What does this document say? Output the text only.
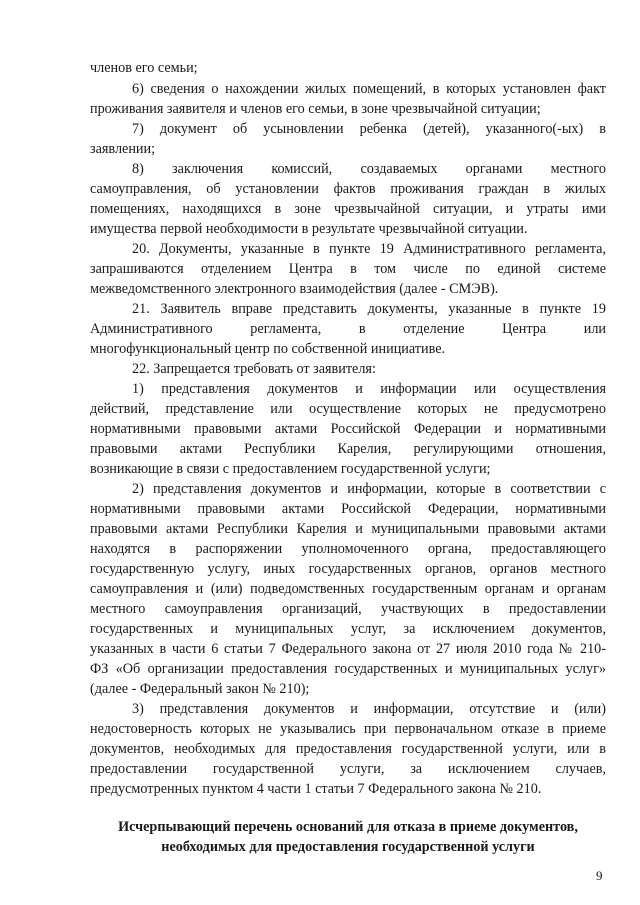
членов его семьи;
6) сведения о нахождении жилых помещений, в которых установлен факт
проживания заявителя и членов его семьи, в зоне чрезвычайной ситуации;
7) документ об усыновлении ребенка (детей), указанного(-ых) в
заявлении;
8) заключения комиссий, создаваемых органами местного
самоуправления, об установлении фактов проживания граждан в жилых
помещениях, находящихся в зоне чрезвычайной ситуации, и утраты ими
имущества первой необходимости в результате чрезвычайной ситуации.
20. Документы, указанные в пункте 19 Административного регламента,
запрашиваются отделением Центра в том числе по единой системе
межведомственного электронного взаимодействия (далее - СМЭВ).
21. Заявитель вправе представить документы, указанные в пункте 19
Административного регламента, в отделение Центра или
многофункциональный центр по собственной инициативе.
22. Запрещается требовать от заявителя:
1) представления документов и информации или осуществления
действий, представление или осуществление которых не предусмотрено
нормативными правовыми актами Российской Федерации и нормативными
правовыми актами Республики Карелия, регулирующими отношения,
возникающие в связи с предоставлением государственной услуги;
2) представления документов и информации, которые в соответствии с
нормативными правовыми актами Российской Федерации, нормативными
правовыми актами Республики Карелия и муниципальными правовыми актами
находятся в распоряжении уполномоченного органа, предоставляющего
государственную услугу, иных государственных органов, органов местного
самоуправления и (или) подведомственных государственным органам и органам
местного самоуправления организаций, участвующих в предоставлении
государственных и муниципальных услуг, за исключением документов,
указанных в части 6 статьи 7 Федерального закона от 27 июля 2010 года № 210-
ФЗ «Об организации предоставления государственных и муниципальных услуг»
(далее - Федеральный закон № 210);
3) представления документов и информации, отсутствие и (или)
недостоверность которых не указывались при первоначальном отказе в приеме
документов, необходимых для предоставления государственной услуги, или в
предоставлении государственной услуги, за исключением случаев,
предусмотренных пунктом 4 части 1 статьи 7 Федерального закона № 210.
Исчерпывающий перечень оснований для отказа в приеме документов,
необходимых для предоставления государственной услуги
9
